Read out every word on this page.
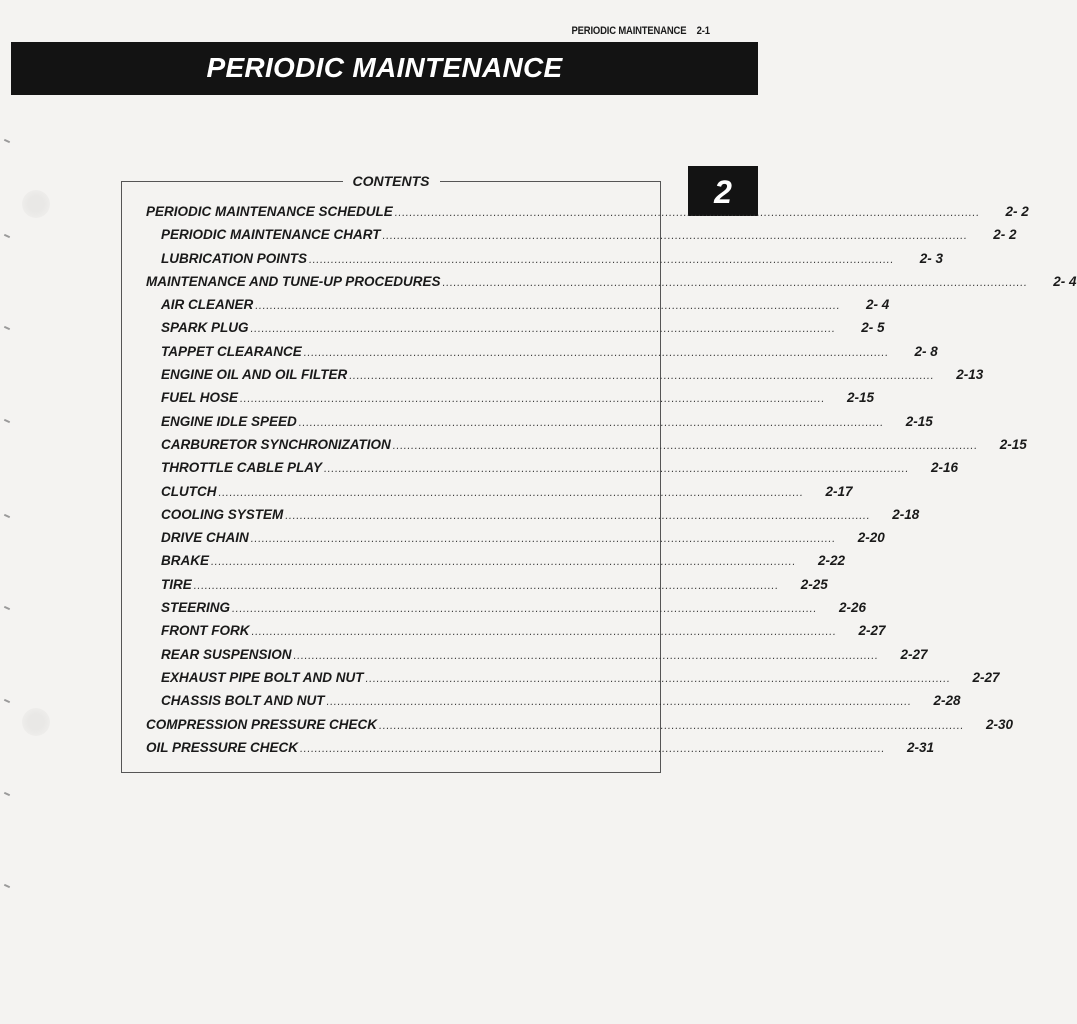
PERIODIC MAINTENANCE 2-1
PERIODIC MAINTENANCE
2
CONTENTS
PERIODIC MAINTENANCE SCHEDULE ................................................................................................................................................................	2- 2
PERIODIC MAINTENANCE CHART ................................................................................................................................................................	2- 2
LUBRICATION POINTS ................................................................................................................................................................	2- 3
MAINTENANCE AND TUNE-UP PROCEDURES ................................................................................................................................................................	2- 4
AIR CLEANER ................................................................................................................................................................	2- 4
SPARK PLUG ................................................................................................................................................................	2- 5
TAPPET CLEARANCE ................................................................................................................................................................	2- 8
ENGINE OIL AND OIL FILTER ................................................................................................................................................................	2-13
FUEL HOSE ................................................................................................................................................................	2-15
ENGINE IDLE SPEED ................................................................................................................................................................	2-15
CARBURETOR SYNCHRONIZATION ................................................................................................................................................................	2-15
THROTTLE CABLE PLAY ................................................................................................................................................................	2-16
CLUTCH ................................................................................................................................................................	2-17
COOLING SYSTEM ................................................................................................................................................................	2-18
DRIVE CHAIN ................................................................................................................................................................	2-20
BRAKE ................................................................................................................................................................	2-22
TIRE ................................................................................................................................................................	2-25
STEERING ................................................................................................................................................................	2-26
FRONT FORK ................................................................................................................................................................	2-27
REAR SUSPENSION ................................................................................................................................................................	2-27
EXHAUST PIPE BOLT AND NUT ................................................................................................................................................................	2-27
CHASSIS BOLT AND NUT ................................................................................................................................................................	2-28
COMPRESSION PRESSURE CHECK ................................................................................................................................................................	2-30
OIL PRESSURE CHECK ................................................................................................................................................................	2-31
